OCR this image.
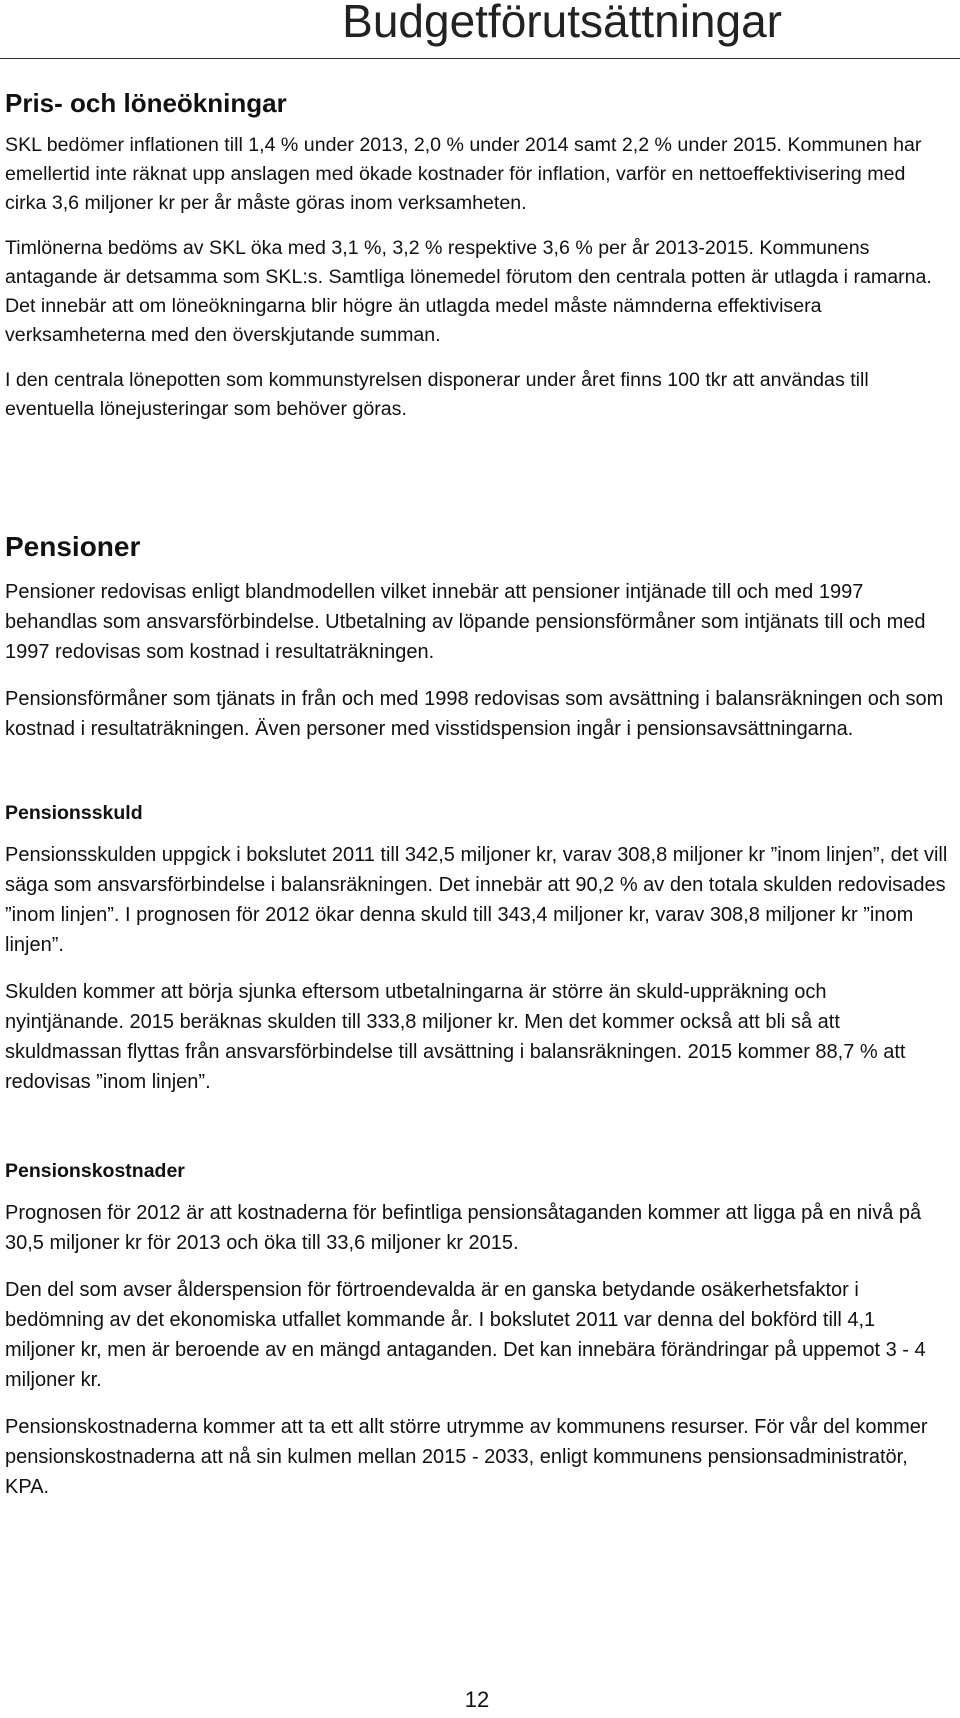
Budgetförutsättningar
Pris- och löneökningar

SKL bedömer inflationen till 1,4 % under 2013, 2,0 % under 2014 samt 2,2 % under 2015. Kommunen har emellertid inte räknat upp anslagen med ökade kostnader för inflation, varför en nettoeffektivisering med cirka 3,6 miljoner kr per år måste göras inom verksamheten.

Timlönerna bedöms av SKL öka med 3,1 %, 3,2 % respektive 3,6 % per år 2013-2015. Kommunens antagande är detsamma som SKL:s. Samtliga lönemedel förutom den centrala potten är utlagda i ramarna. Det innebär att om löneökningarna blir högre än utlagda medel måste nämnderna effektivisera verksamheterna med den överskjutande summan.

I den centrala lönepotten som kommunstyrelsen disponerar under året finns 100 tkr att användas till eventuella lönejusteringar som behöver göras.

Pensioner

Pensioner redovisas enligt blandmodellen vilket innebär att pensioner intjänade till och med 1997 behandlas som ansvarsförbindelse. Utbetalning av löpande pensionsförmåner som intjänats till och med 1997 redovisas som kostnad i resultaträkningen.

Pensionsförmåner som tjänats in från och med 1998 redovisas som avsättning i balansräkningen och som kostnad i resultaträkningen. Även personer med visstidspension ingår i pensionsavsättningarna.

Pensionsskuld

Pensionsskulden uppgick i bokslutet 2011 till 342,5 miljoner kr, varav 308,8 miljoner kr ”inom linjen”, det vill säga som ansvarsförbindelse i balansräkningen. Det innebär att 90,2 % av den totala skulden redovisades ”inom linjen”. I prognosen för 2012 ökar denna skuld till 343,4 miljoner kr, varav 308,8 miljoner kr ”inom linjen”.

Skulden kommer att börja sjunka eftersom utbetalningarna är större än skuld-uppräkning och nyintjänande. 2015 beräknas skulden till 333,8 miljoner kr. Men det kommer också att bli så att skuldmassan flyttas från ansvarsförbindelse till avsättning i balansräkningen. 2015 kommer 88,7 % att redovisas ”inom linjen”.

Pensionskostnader

Prognosen för 2012 är att kostnaderna för befintliga pensionsåtaganden kommer att ligga på en nivå på 30,5 miljoner kr för 2013 och öka till 33,6 miljoner kr 2015.

Den del som avser ålderspension för förtroendevalda är en ganska betydande osäkerhetsfaktor i bedömning av det ekonomiska utfallet kommande år. I bokslutet 2011 var denna del bokförd till 4,1 miljoner kr, men är beroende av en mängd antaganden. Det kan innebära förändringar på uppemot 3 - 4 miljoner kr.

Pensionskostnaderna kommer att ta ett allt större utrymme av kommunens resurser. För vår del kommer pensionskostnaderna att nå sin kulmen mellan 2015 - 2033, enligt kommunens pensionsadministratör, KPA.

12
